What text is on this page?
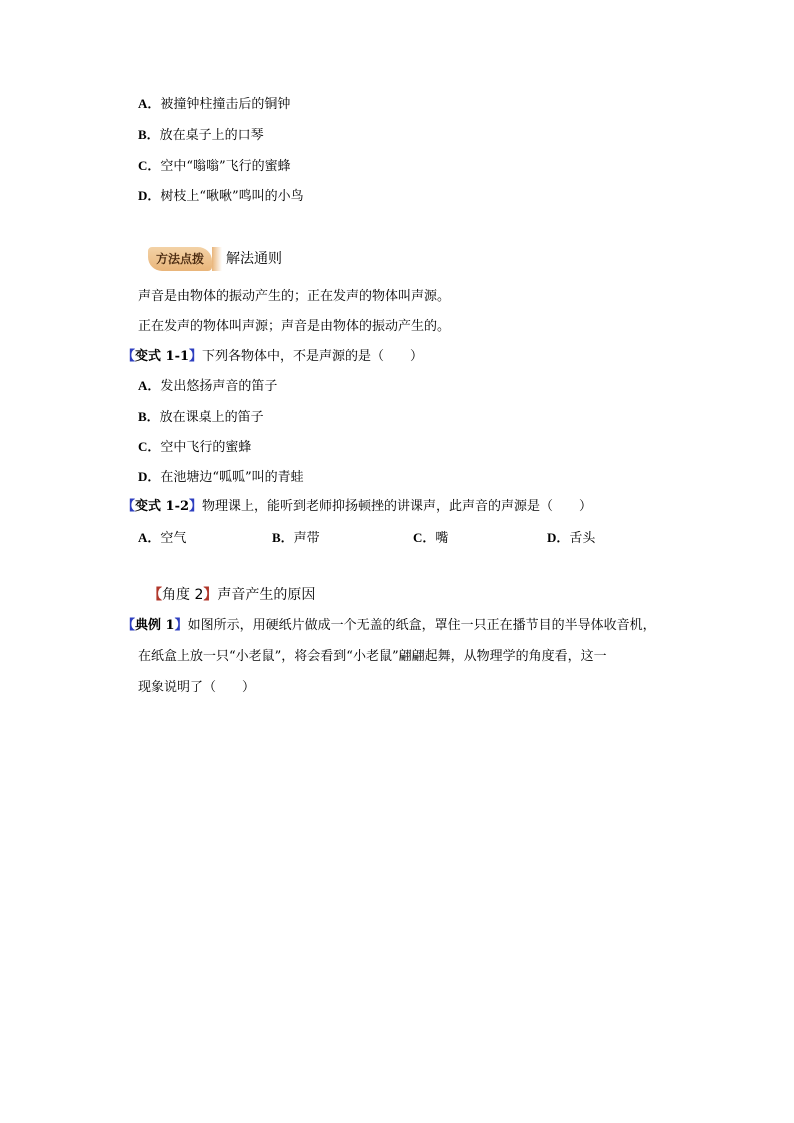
A．被撞钟柱撞击后的铜钟
B．放在桌子上的口琴
C．空中“嗡嗡”飞行的蜜蜂
D．树枝上“啾啾”鸣叫的小鸟
方法点拨	解法通则
声音是由物体的振动产生的；正在发声的物体叫声源。
正在发声的物体叫声源；声音是由物体的振动产生的。
【变式 1-1】下列各物体中，不是声源的是（　　）
A．发出悠扬声音的笛子
B．放在课桌上的笛子
C．空中飞行的蜜蜂
D．在池塘边“呱呱”叫的青蛙
【变式 1-2】物理课上，能听到老师抑扬顿挫的讲课声，此声音的声源是（　　）
A．空气	B．声带	C．嘴	D．舌头
【角度 2】声音产生的原因
【典例 1】如图所示，用硬纸片做成一个无盖的纸盒，罩住一只正在播节目的半导体收音机，
在纸盒上放一只“小老鼠”，将会看到“小老鼠”翩翩起舞，从物理学的角度看，这一
现象说明了（　　）
